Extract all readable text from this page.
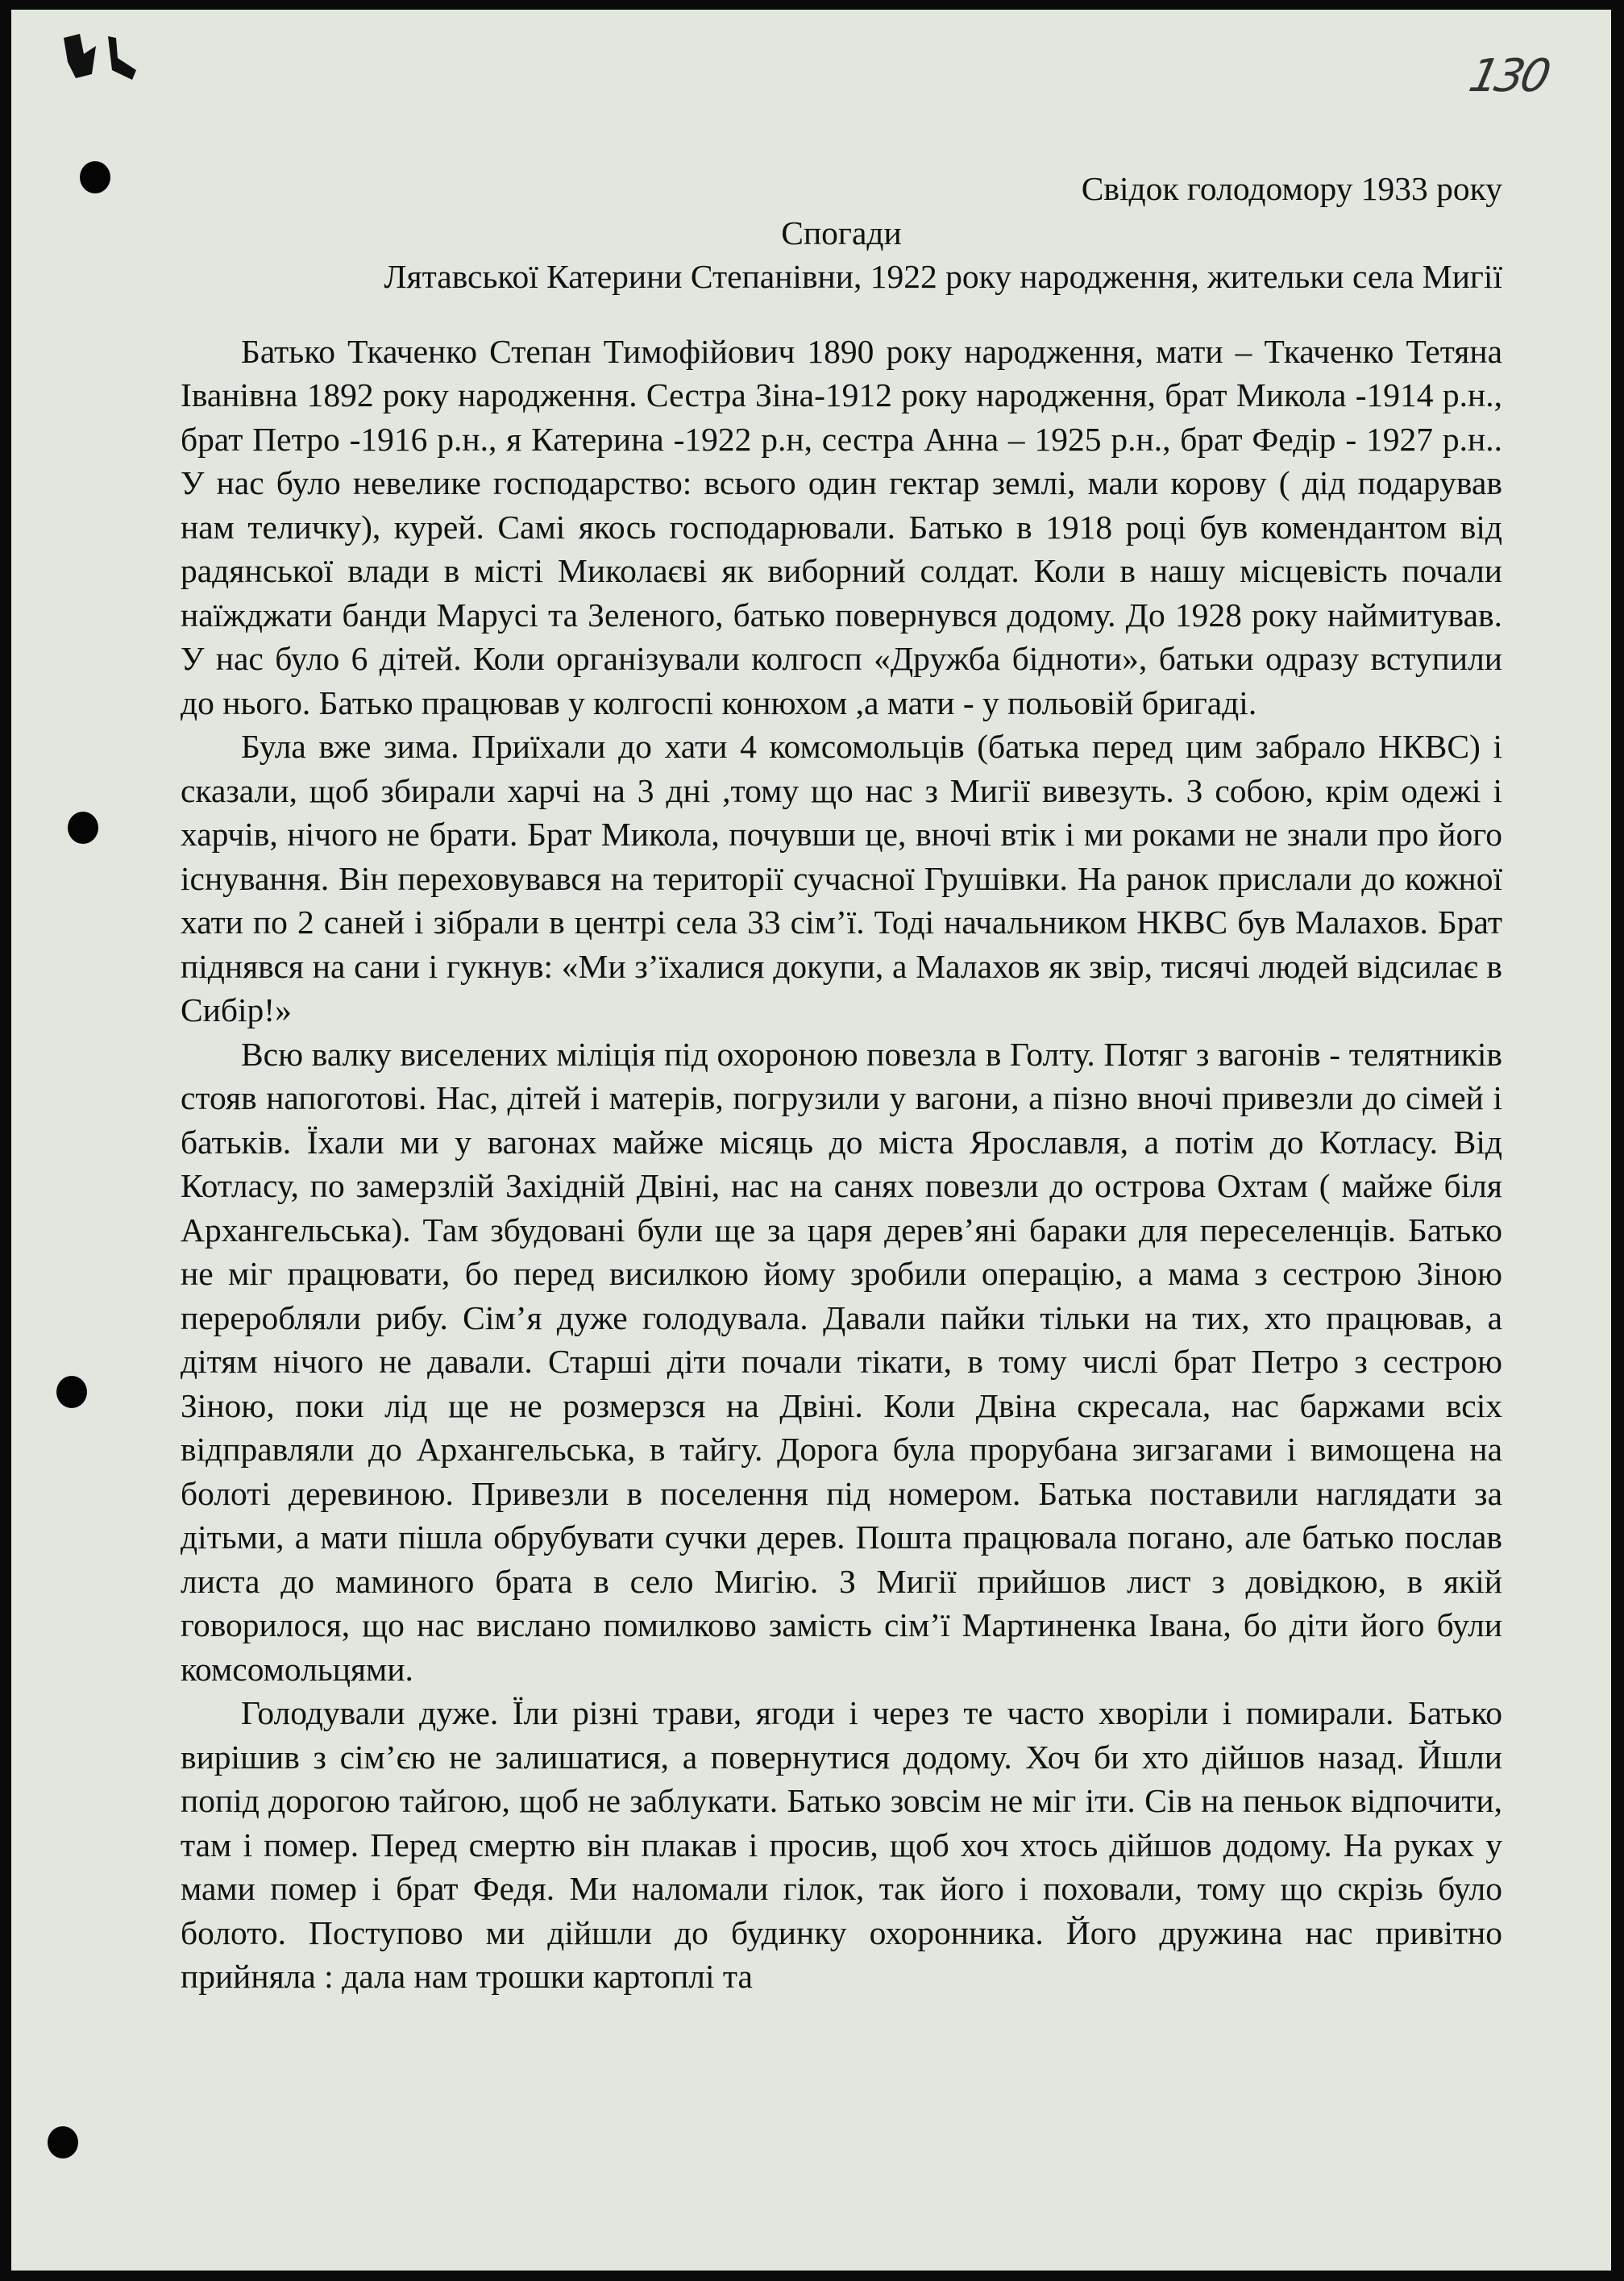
130
Свідок голодомору 1933 року
Спогади
Лятавської Катерини Степанівни, 1922 року народження, жительки села Мигії

Батько Ткаченко Степан Тимофійович 1890 року народження, мати – Ткаченко Тетяна Іванівна 1892 року народження. Сестра Зіна-1912 року народження, брат Микола -1914 р.н., брат Петро -1916 р.н., я Катерина -1922 р.н, сестра Анна – 1925 р.н., брат Федір - 1927 р.н.. У нас було невелике господарство: всього один гектар землі, мали корову ( дід подарував нам теличку), курей. Самі якось господарювали. Батько в 1918 році був комендантом від радянської влади в місті Миколаєві як виборний солдат. Коли в нашу місцевість почали наїжджати банди Марусі та Зеленого, батько повернувся додому. До 1928 року наймитував. У нас було 6 дітей. Коли організували колгосп «Дружба бідноти», батьки одразу вступили до нього. Батько працював у колгоспі конюхом ,а мати - у польовій бригаді.

Була вже зима. Приїхали до хати 4 комсомольців (батька перед цим забрало НКВС) і сказали, щоб збирали харчі на 3 дні ,тому що нас з Мигії вивезуть. З собою, крім одежі і харчів, нічого не брати. Брат Микола, почувши це, вночі втік і ми роками не знали про його існування. Він переховувався на території сучасної Грушівки. На ранок прислали до кожної хати по 2 саней і зібрали в центрі села 33 сім’ї. Тоді начальником НКВС був Малахов. Брат піднявся на сани і гукнув: «Ми з’їхалися докупи, а Малахов як звір, тисячі людей відсилає в Сибір!»

Всю валку виселених міліція під охороною повезла в Голту. Потяг з вагонів - телятників стояв напоготові. Нас, дітей і матерів, погрузили у вагони, а пізно вночі привезли до сімей і батьків. Їхали ми у вагонах майже місяць до міста Ярославля, а потім до Котласу. Від Котласу, по замерзлій Західній Двіні, нас на санях повезли до острова Охтам ( майже біля Архангельська). Там збудовані були ще за царя дерев’яні бараки для переселенців. Батько не міг працювати, бо перед висилкою йому зробили операцію, а мама з сестрою Зіною переробляли рибу. Сім’я дуже голодувала. Давали пайки тільки на тих, хто працював, а дітям нічого не давали. Старші діти почали тікати, в тому числі брат Петро з сестрою Зіною, поки лід ще не розмерзся на Двіні. Коли Двіна скресала, нас баржами всіх відправляли до Архангельська, в тайгу. Дорога була прорубана зигзагами і вимощена на болоті деревиною. Привезли в поселення під номером. Батька поставили наглядати за дітьми, а мати пішла обрубувати сучки дерев. Пошта працювала погано, але батько послав листа до маминого брата в село Мигію. З Мигії прийшов лист з довідкою, в якій говорилося, що нас вислано помилково замість сім’ї Мартиненка Івана, бо діти його були комсомольцями.

Голодували дуже. Їли різні трави, ягоди і через те часто хворіли і помирали. Батько вирішив з сім’єю не залишатися, а повернутися додому. Хоч би хто дійшов назад. Йшли попід дорогою тайгою, щоб не заблукати. Батько зовсім не міг іти. Сів на пеньок відпочити, там і помер. Перед смертю він плакав і просив, щоб хоч хтось дійшов додому. На руках у мами помер і брат Федя. Ми наломали гілок, так його і поховали, тому що скрізь було болото. Поступово ми дійшли до будинку охоронника. Його дружина нас привітно прийняла : дала нам трошки картоплі та
